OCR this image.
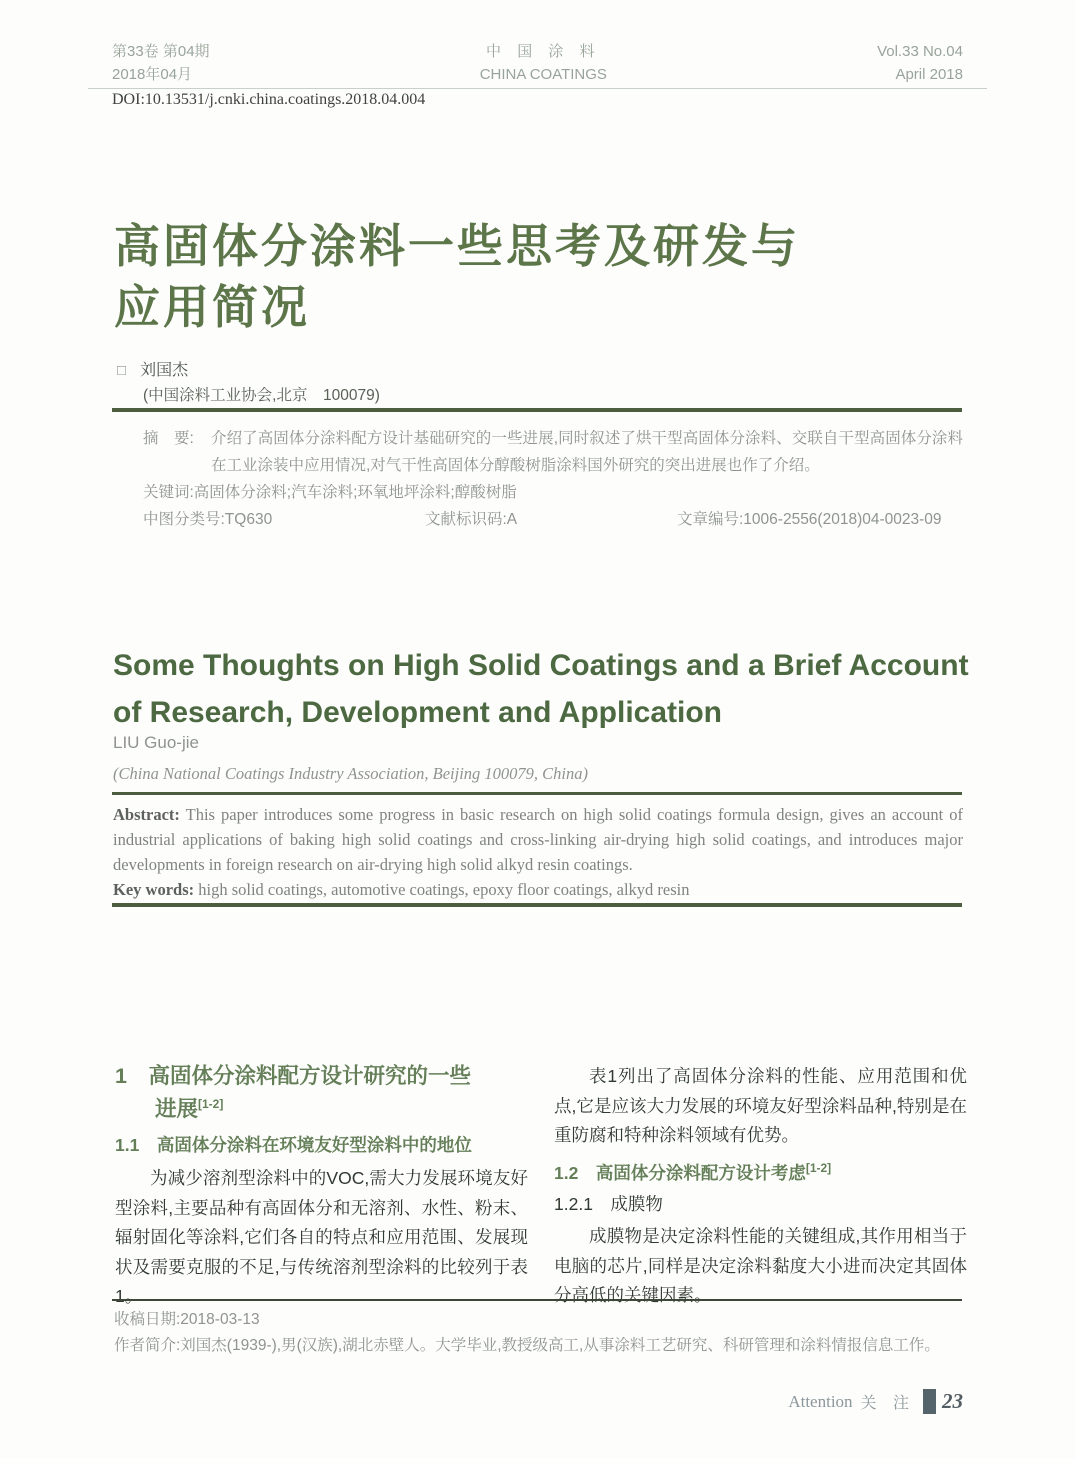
第33卷 第04期
2018年04月
中 国 涂 料
CHINA COATINGS
Vol.33 No.04
April 2018
DOI:10.13531/j.cnki.china.coatings.2018.04.004
高固体分涂料一些思考及研发与
应用简况
□ 刘国杰
(中国涂料工业协会,北京　100079)
摘　要:	介绍了高固体分涂料配方设计基础研究的一些进展,同时叙述了烘干型高固体分涂料、交联自干型高固体分涂料在工业涂装中应用情况,对气干性高固体分醇酸树脂涂料国外研究的突出进展也作了介绍。
关键词:高固体分涂料;汽车涂料;环氧地坪涂料;醇酸树脂
中图分类号:TQ630	文献标识码:A	文章编号:1006-2556(2018)04-0023-09
Some Thoughts on High Solid Coatings and a Brief Account
of Research, Development and Application
LIU Guo-jie
(China National Coatings Industry Association, Beijing 100079, China)
Abstract: This paper introduces some progress in basic research on high solid coatings formula design, gives an account of industrial applications of baking high solid coatings and cross-linking air-drying high solid coatings, and introduces major developments in foreign research on air-drying high solid alkyd resin coatings.
Key words: high solid coatings, automotive coatings, epoxy floor coatings, alkyd resin
1　高固体分涂料配方设计研究的一些
进展[1-2]
1.1　高固体分涂料在环境友好型涂料中的地位

为减少溶剂型涂料中的VOC,需大力发展环境友好型涂料,主要品种有高固体分和无溶剂、水性、粉末、辐射固化等涂料,它们各自的特点和应用范围、发展现状及需要克服的不足,与传统溶剂型涂料的比较列于表1。

表1列出了高固体分涂料的性能、应用范围和优点,它是应该大力发展的环境友好型涂料品种,特别是在重防腐和特种涂料领域有优势。

1.2　高固体分涂料配方设计考虑[1-2]
1.2.1　成膜物

成膜物是决定涂料性能的关键组成,其作用相当于电脑的芯片,同样是决定涂料黏度大小进而决定其固体分高低的关键因素。

收稿日期:2018-03-13
作者简介:刘国杰(1939-),男(汉族),湖北赤壁人。大学毕业,教授级高工,从事涂料工艺研究、科研管理和涂料情报信息工作。
Attention 关 注 23
